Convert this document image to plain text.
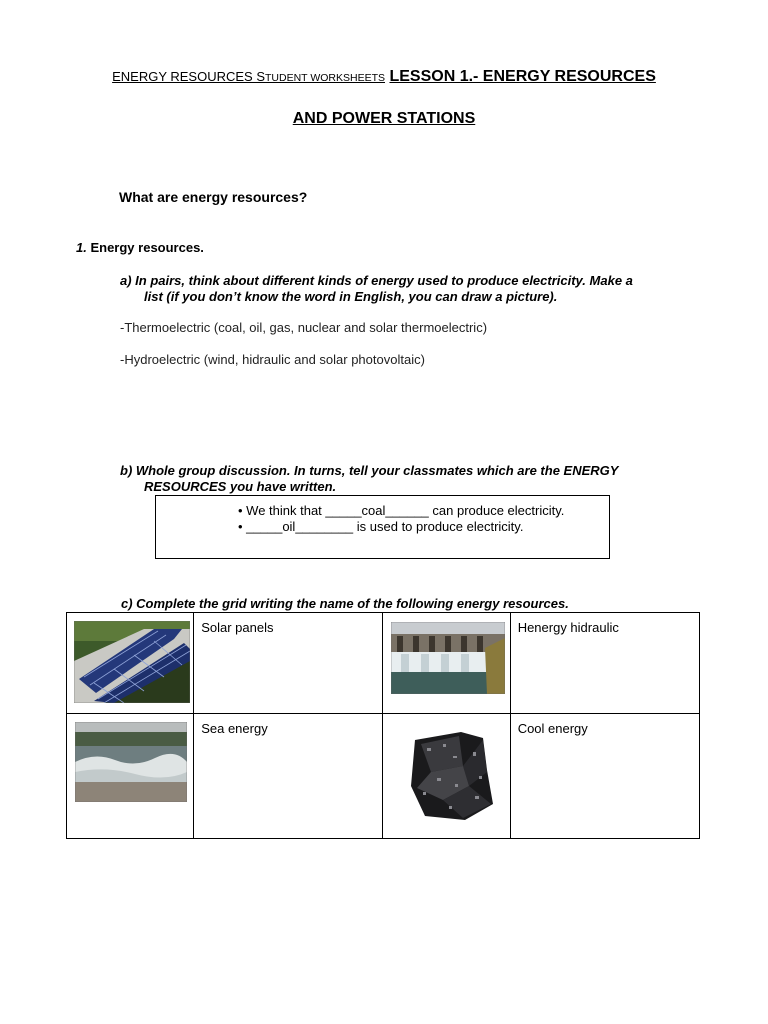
ENERGY RESOURCES STUDENT WORKSHEETS LESSON 1.- ENERGY RESOURCES
AND POWER STATIONS
What are energy resources?
1. Energy resources.
a) In pairs, think about different kinds of energy used to produce electricity. Make a
list (if you don’t know the word in English, you can draw a picture).
-Thermoelectric (coal, oil, gas, nuclear and solar thermoelectric)
-Hydroelectric (wind, hidraulic and solar photovoltaic)
b) Whole group discussion. In turns, tell your classmates which are the ENERGY
RESOURCES you have written.
• We think that _____coal______ can produce electricity. • _____oil________ is used to produce electricity.
c) Complete the grid writing the name of the following energy resources.

Solar panels		Henergy hidraulic

Sea energy		Cool energy
